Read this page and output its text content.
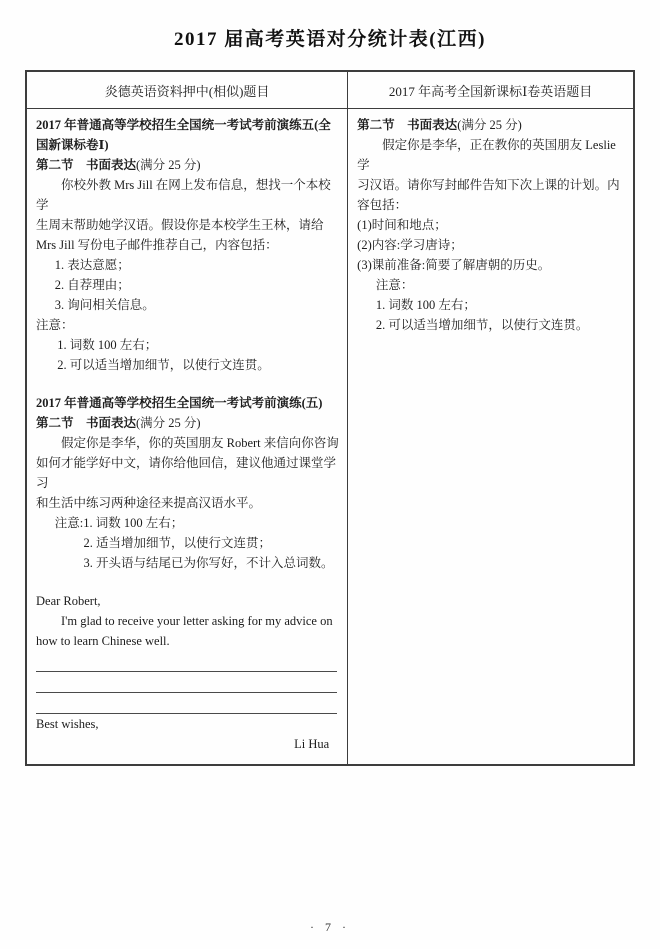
2017 届高考英语对分统计表(江西)
炎德英语资料押中(相似)题目	2017 年高考全国新课标Ⅰ卷英语题目
2017 年普通高等学校招生全国统一考试考前演练五(全
国新课标卷Ⅰ)
第二节　书面表达(满分 25 分)
你校外教 Mrs Jill 在网上发布信息，想找一个本校学
生周末帮助她学汉语。假设你是本校学生王林，请给
Mrs Jill 写份电子邮件推荐自己，内容包括：
1. 表达意愿；
2. 自荐理由；
3. 询问相关信息。
注意：
1. 词数 100 左右；
2. 可以适当增加细节，以使行文连贯。
2017 年普通高等学校招生全国统一考试考前演练(五)
第二节　书面表达(满分 25 分)
假定你是李华，你的英国朋友 Robert 来信向你咨询
如何才能学好中文，请你给他回信，建议他通过课堂学习
和生活中练习两种途径来提高汉语水平。
注意:1. 词数 100 左右；
2. 适当增加细节，以使行文连贯；
3. 开头语与结尾已为你写好，不计入总词数。
Dear Robert,
I'm glad to receive your letter asking for my advice on
how to learn Chinese well.
Best wishes,
Li Hua
第二节　书面表达(满分 25 分)
假定你是李华，正在教你的英国朋友 Leslie 学
习汉语。请你写封邮件告知下次上课的计划。内
容包括：
(1)时间和地点；
(2)内容:学习唐诗；
(3)课前准备:简要了解唐朝的历史。
注意：
1. 词数 100 左右；
2. 可以适当增加细节，以使行文连贯。
· 7 ·
